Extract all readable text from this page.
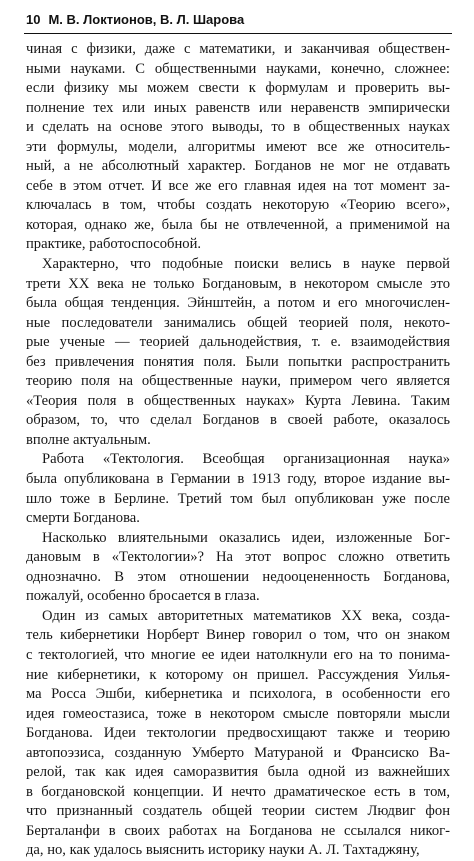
10 М. В. Локтионов, В. Л. Шарова
чиная с физики, даже с математики, и заканчивая обществен-
ными науками. С общественными науками, конечно, сложнее:
если физику мы можем свести к формулам и проверить вы-
полнение тех или иных равенств или неравенств эмпирически
и сделать на основе этого выводы, то в общественных науках
эти формулы, модели, алгоритмы имеют все же относитель-
ный, а не абсолютный характер. Богданов не мог не отдавать
себе в этом отчет. И все же его главная идея на тот момент за-
ключалась в том, чтобы создать некоторую «Теорию всего»,
которая, однако же, была бы не отвлеченной, а применимой на
практике, работоспособной.
Характерно, что подобные поиски велись в науке первой
трети XX века не только Богдановым, в некотором смысле это
была общая тенденция. Эйнштейн, а потом и его многочислен-
ные последователи занимались общей теорией поля, некото-
рые ученые — теорией дальнодействия, т. е. взаимодействия
без привлечения понятия поля. Были попытки распространить
теорию поля на общественные науки, примером чего является
«Теория поля в общественных науках» Курта Левина. Таким
образом, то, что сделал Богданов в своей работе, оказалось
вполне актуальным.
Работа «Тектология. Всеобщая организационная наука»
была опубликована в Германии в 1913 году, второе издание вы-
шло тоже в Берлине. Третий том был опубликован уже после
смерти Богданова.
Насколько влиятельными оказались идеи, изложенные Бог-
дановым в «Тектологии»? На этот вопрос сложно ответить
однозначно. В этом отношении недооцененность Богданова,
пожалуй, особенно бросается в глаза.
Один из самых авторитетных математиков XX века, созда-
тель кибернетики Норберт Винер говорил о том, что он знаком
с тектологией, что многие ее идеи натолкнули его на то понима-
ние кибернетики, к которому он пришел. Рассуждения Уилья-
ма Росса Эшби, кибернетика и психолога, в особенности его
идея гомеостазиса, тоже в некотором смысле повторяли мысли
Богданова. Идеи тектологии предвосхищают также и теорию
автопоэзиса, созданную Умберто Матураной и Франсиско Ва-
релой, так как идея саморазвития была одной из важнейших
в богдановской концепции. И нечто драматическое есть в том,
что признанный создатель общей теории систем Людвиг фон
Берталанфи в своих работах на Богданова не ссылался никог-
да, но, как удалось выяснить историку науки А. Л. Тахтаджяну,
